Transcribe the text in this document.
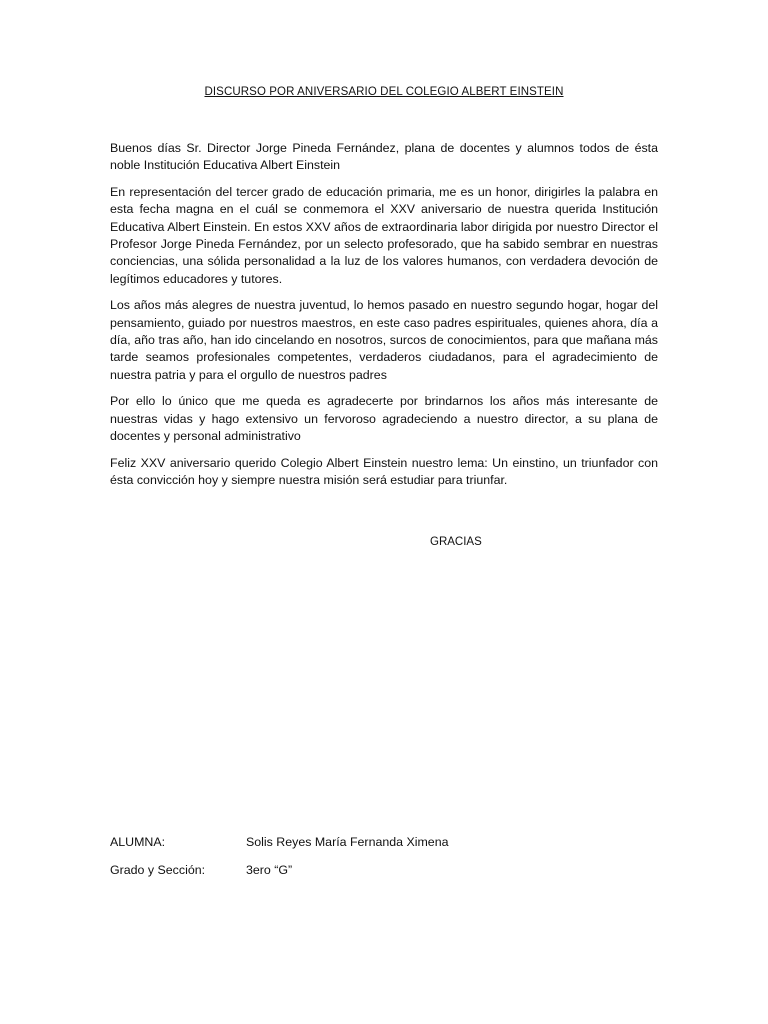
DISCURSO POR ANIVERSARIO DEL COLEGIO ALBERT EINSTEIN

Buenos días Sr. Director Jorge Pineda Fernández, plana de docentes y alumnos todos de ésta noble Institución Educativa Albert Einstein

En representación del tercer grado de educación primaria, me es un honor, dirigirles la palabra en esta fecha magna en el cuál se conmemora el XXV aniversario de nuestra querida Institución Educativa Albert Einstein. En estos XXV años de extraordinaria labor dirigida por nuestro Director el Profesor Jorge Pineda Fernández, por un selecto profesorado, que ha sabido sembrar en nuestras conciencias, una sólida personalidad a la luz de los valores humanos, con verdadera devoción de legítimos educadores y tutores.

Los años más alegres de nuestra juventud, lo hemos pasado en nuestro segundo hogar, hogar del pensamiento, guiado por nuestros maestros, en este caso padres espirituales, quienes ahora, día a día, año tras año, han ido cincelando en nosotros, surcos de conocimientos, para que mañana más tarde seamos profesionales competentes, verdaderos ciudadanos, para el agradecimiento de nuestra patria y para el orgullo de nuestros padres

Por ello lo único que me queda es agradecerte por brindarnos los años más interesante de nuestras vidas y hago extensivo un fervoroso agradeciendo a nuestro director, a su plana de docentes y personal administrativo

Feliz XXV aniversario querido Colegio Albert Einstein nuestro lema: Un einstino, un triunfador con ésta convicción hoy y siempre nuestra misión será estudiar para triunfar.

GRACIAS

ALUMNA:	Solis Reyes María Fernanda Ximena
Grado y Sección:	3ero “G”
